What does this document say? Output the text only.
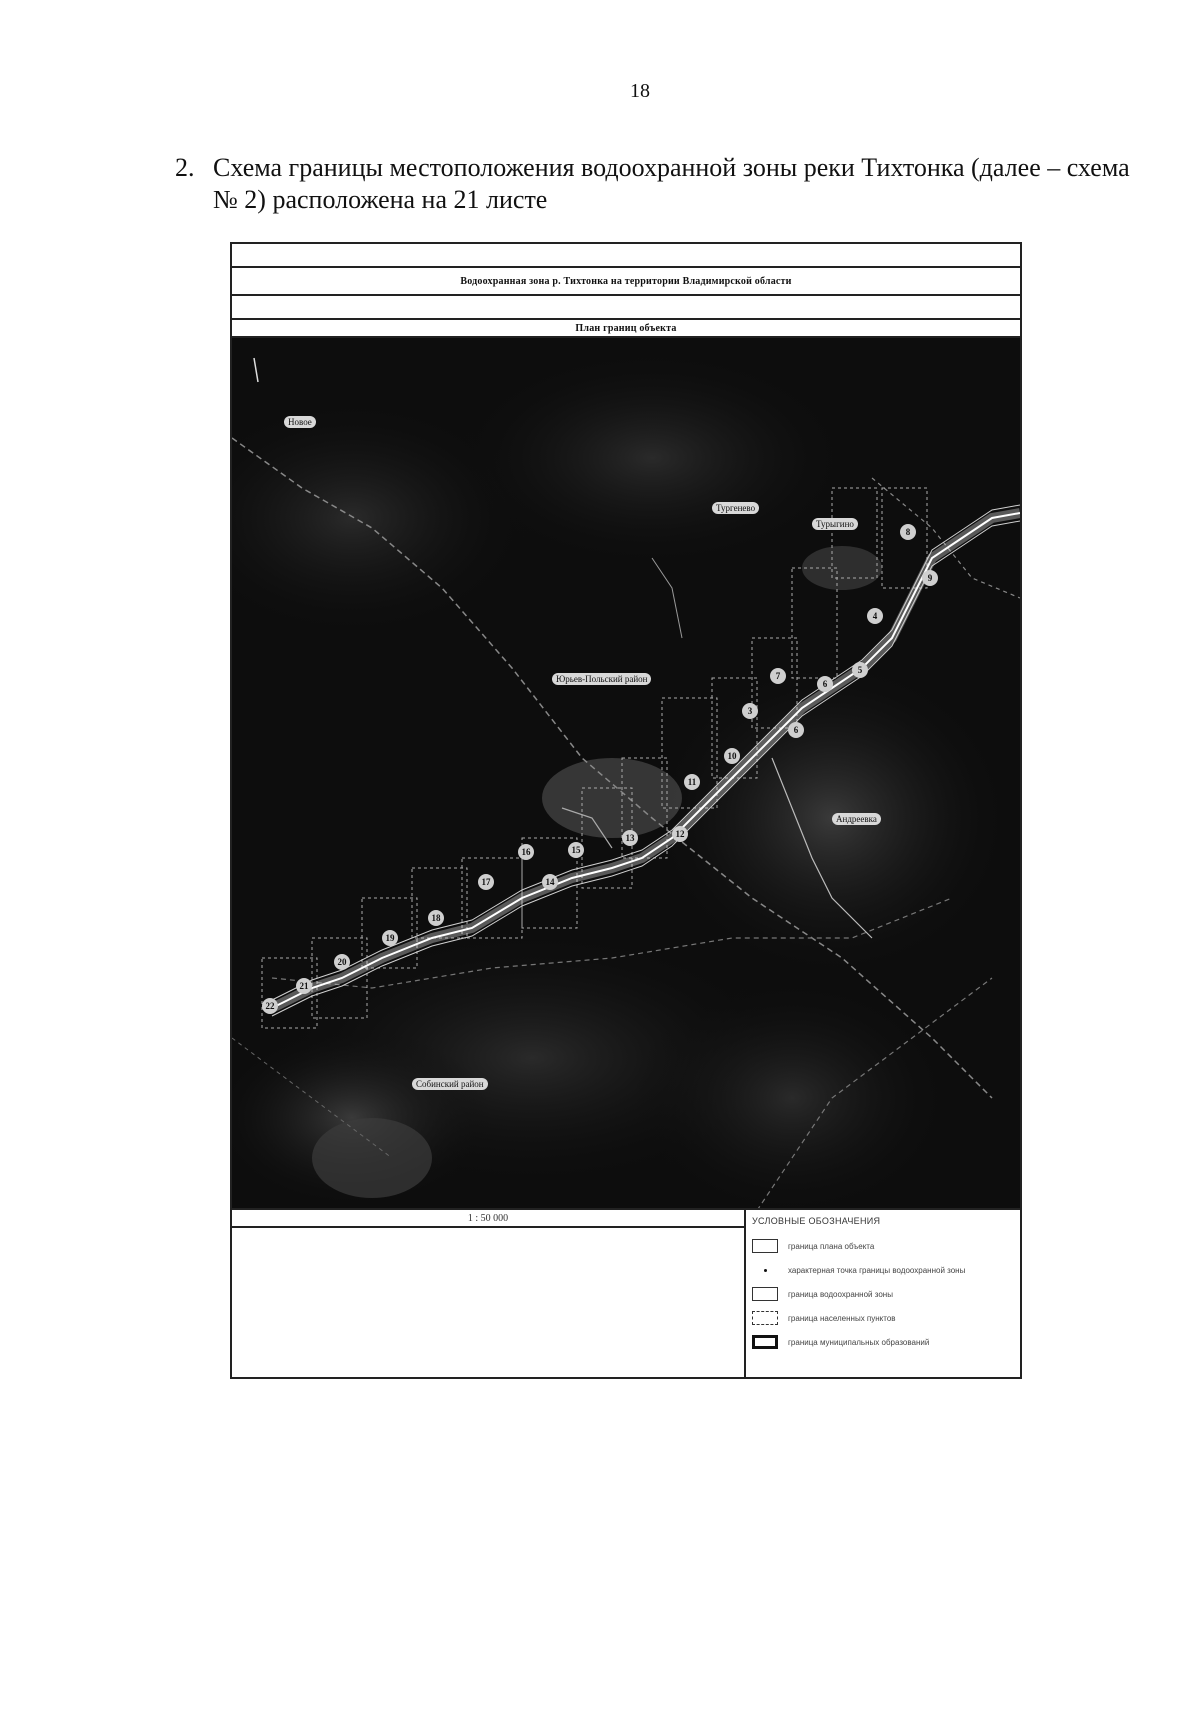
18
2. Схема границы местоположения водоохранной зоны реки Тихтонка (далее – схема № 2) расположена на 21 листе
Водоохранная зона р. Тихтонка на территории Владимирской области
План границ объекта
Новое
Тургенево
Турыгино
Юрьев-Польский район
Андреевка
Собинский район
8
9
4
5
7
6
3
6
10
11
12
13
15
14
16
17
18
19
20
21
22
1 : 50 000	УСЛОВНЫЕ ОБОЗНАЧЕНИЯ
граница плана объекта
характерная точка границы водоохранной зоны
граница водоохранной зоны
граница населенных пунктов
граница муниципальных образований
